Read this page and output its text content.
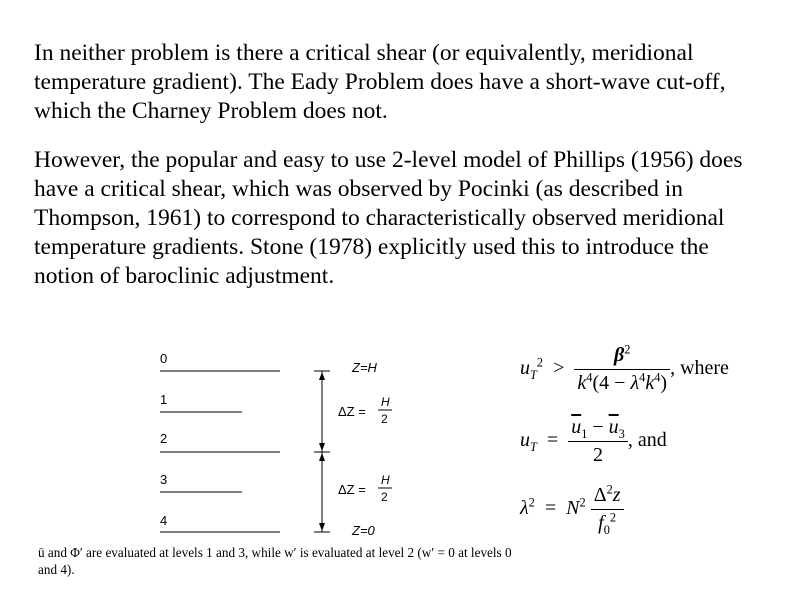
In neither problem is there a critical shear (or equivalently, meridional temperature gradient). The Eady Problem does have a short-wave cut-off, which the Charney Problem does not.

However, the popular and easy to use 2-level model of Phillips (1956) does have a critical shear, which was observed by Pocinki (as described in Thompson, 1961) to correspond to characteristically observed meridional temperature gradients. Stone (1978) explicitly used this to introduce the notion of baroclinic adjustment.

0
1
2
3
4
Z=H
ΔZ =
H
2
ΔZ =
H
2
Z=0
ū and Φ′ are evaluated at levels 1 and 3, while w′ is evaluated at level 2 (w′ = 0 at levels 0 and 4).
$u_T^2 > \frac{\beta^2}{k^4(4 - \lambda^4k^4)}$ , where
$u_T = \frac{\overline{u}_1 - \overline{u}_3}{2}$ , and
$\lambda^2 = N^2 \frac{\Delta^2z}{f_0^2}$
